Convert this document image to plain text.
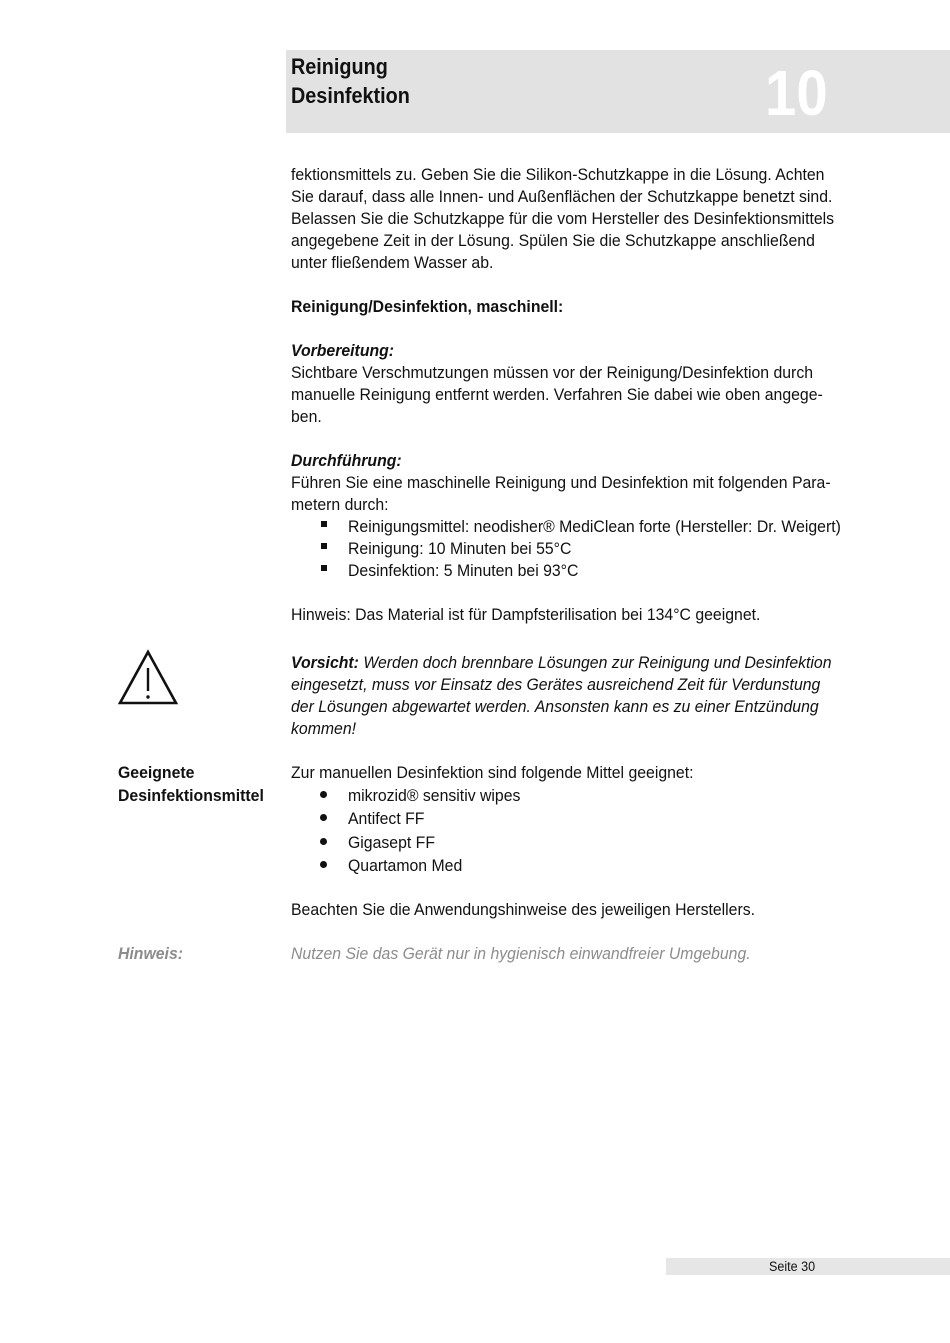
Reinigung
Desinfektion	10
fektionsmittels zu. Geben Sie die Silikon-Schutzkappe in die Lösung. Achten
Sie darauf, dass alle Innen- und Außenflächen der Schutzkappe benetzt sind.
Belassen Sie die Schutzkappe für die vom Hersteller des Desinfektionsmittels
angegebene Zeit in der Lösung. Spülen Sie die Schutzkappe anschließend
unter fließendem Wasser ab.
Reinigung/Desinfektion, maschinell:
Vorbereitung:
Sichtbare Verschmutzungen müssen vor der Reinigung/Desinfektion durch
manuelle Reinigung entfernt werden. Verfahren Sie dabei wie oben angege-
ben.
Durchführung:
Führen Sie eine maschinelle Reinigung und Desinfektion mit folgenden Para-
metern durch:
Reinigungsmittel: neodisher® MediClean forte (Hersteller: Dr. Weigert)
Reinigung: 10 Minuten bei 55°C
Desinfektion: 5 Minuten bei 93°C
Hinweis: Das Material ist für Dampfsterilisation bei 134°C geeignet.
Vorsicht: Werden doch brennbare Lösungen zur Reinigung und Desinfektion
eingesetzt, muss vor Einsatz des Gerätes ausreichend Zeit für Verdunstung
der Lösungen abgewartet werden. Ansonsten kann es zu einer Entzündung
kommen!
Geeignete
Desinfektionsmittel
Zur manuellen Desinfektion sind folgende Mittel geeignet:
mikrozid® sensitiv wipes
Antifect FF
Gigasept FF
Quartamon Med
Beachten Sie die Anwendungshinweise des jeweiligen Herstellers.
Hinweis:	Nutzen Sie das Gerät nur in hygienisch einwandfreier Umgebung.
Seite 30
